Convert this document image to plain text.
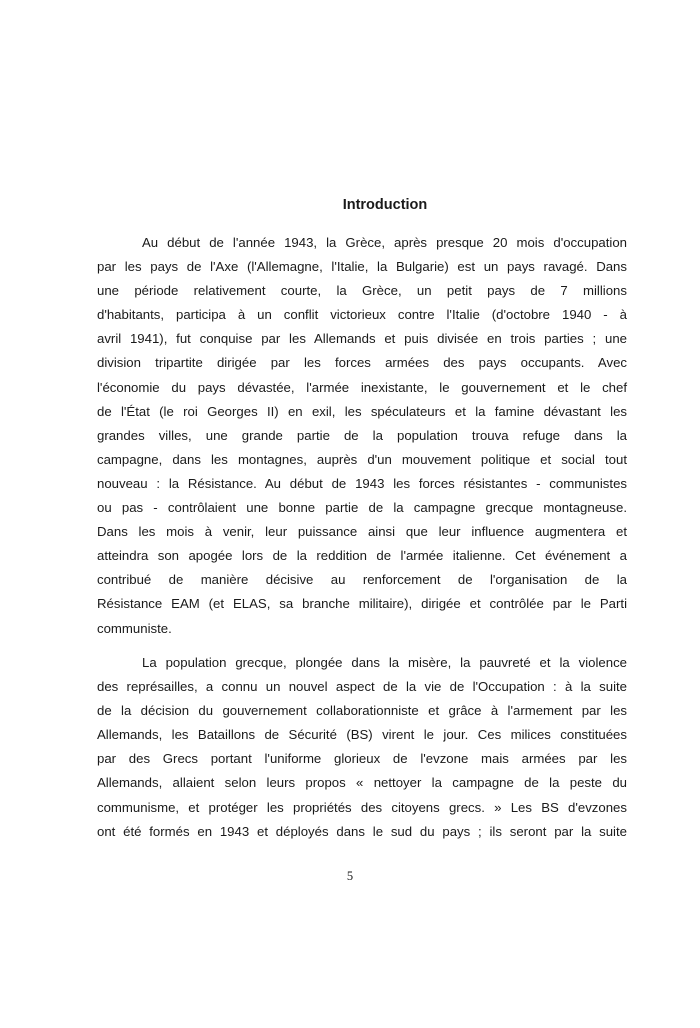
Introduction
Au début de l'année 1943, la Grèce, après presque 20 mois d'occupation
par les pays de l'Axe (l'Allemagne, l'Italie, la Bulgarie) est un pays ravagé. Dans
une période relativement courte, la Grèce, un petit pays de 7 millions
d'habitants, participa à un conflit victorieux contre l'Italie (d'octobre 1940 - à
avril 1941), fut conquise par les Allemands et puis divisée en trois parties ; une
division tripartite dirigée par les forces armées des pays occupants. Avec
l'économie du pays dévastée, l'armée inexistante, le gouvernement et le chef
de l'État (le roi Georges II) en exil, les spéculateurs et la famine dévastant les
grandes villes, une grande partie de la population trouva refuge dans la
campagne, dans les montagnes, auprès d'un mouvement politique et social tout
nouveau : la Résistance. Au début de 1943 les forces résistantes - communistes
ou pas - contrôlaient une bonne partie de la campagne grecque montagneuse.
Dans les mois à venir, leur puissance ainsi que leur influence augmentera et
atteindra son apogée lors de la reddition de l'armée italienne. Cet événement a
contribué de manière décisive au renforcement de l'organisation de la
Résistance EAM (et ELAS, sa branche militaire), dirigée et contrôlée par le Parti
communiste.
La population grecque, plongée dans la misère, la pauvreté et la violence
des représailles, a connu un nouvel aspect de la vie de l'Occupation : à la suite
de la décision du gouvernement collaborationniste et grâce à l'armement par les
Allemands, les Bataillons de Sécurité (BS) virent le jour. Ces milices constituées
par des Grecs portant l'uniforme glorieux de l'evzone mais armées par les
Allemands, allaient selon leurs propos « nettoyer la campagne de la peste du
communisme, et protéger les propriétés des citoyens grecs. » Les BS d'evzones
ont été formés en 1943 et déployés dans le sud du pays ; ils seront par la suite
5
